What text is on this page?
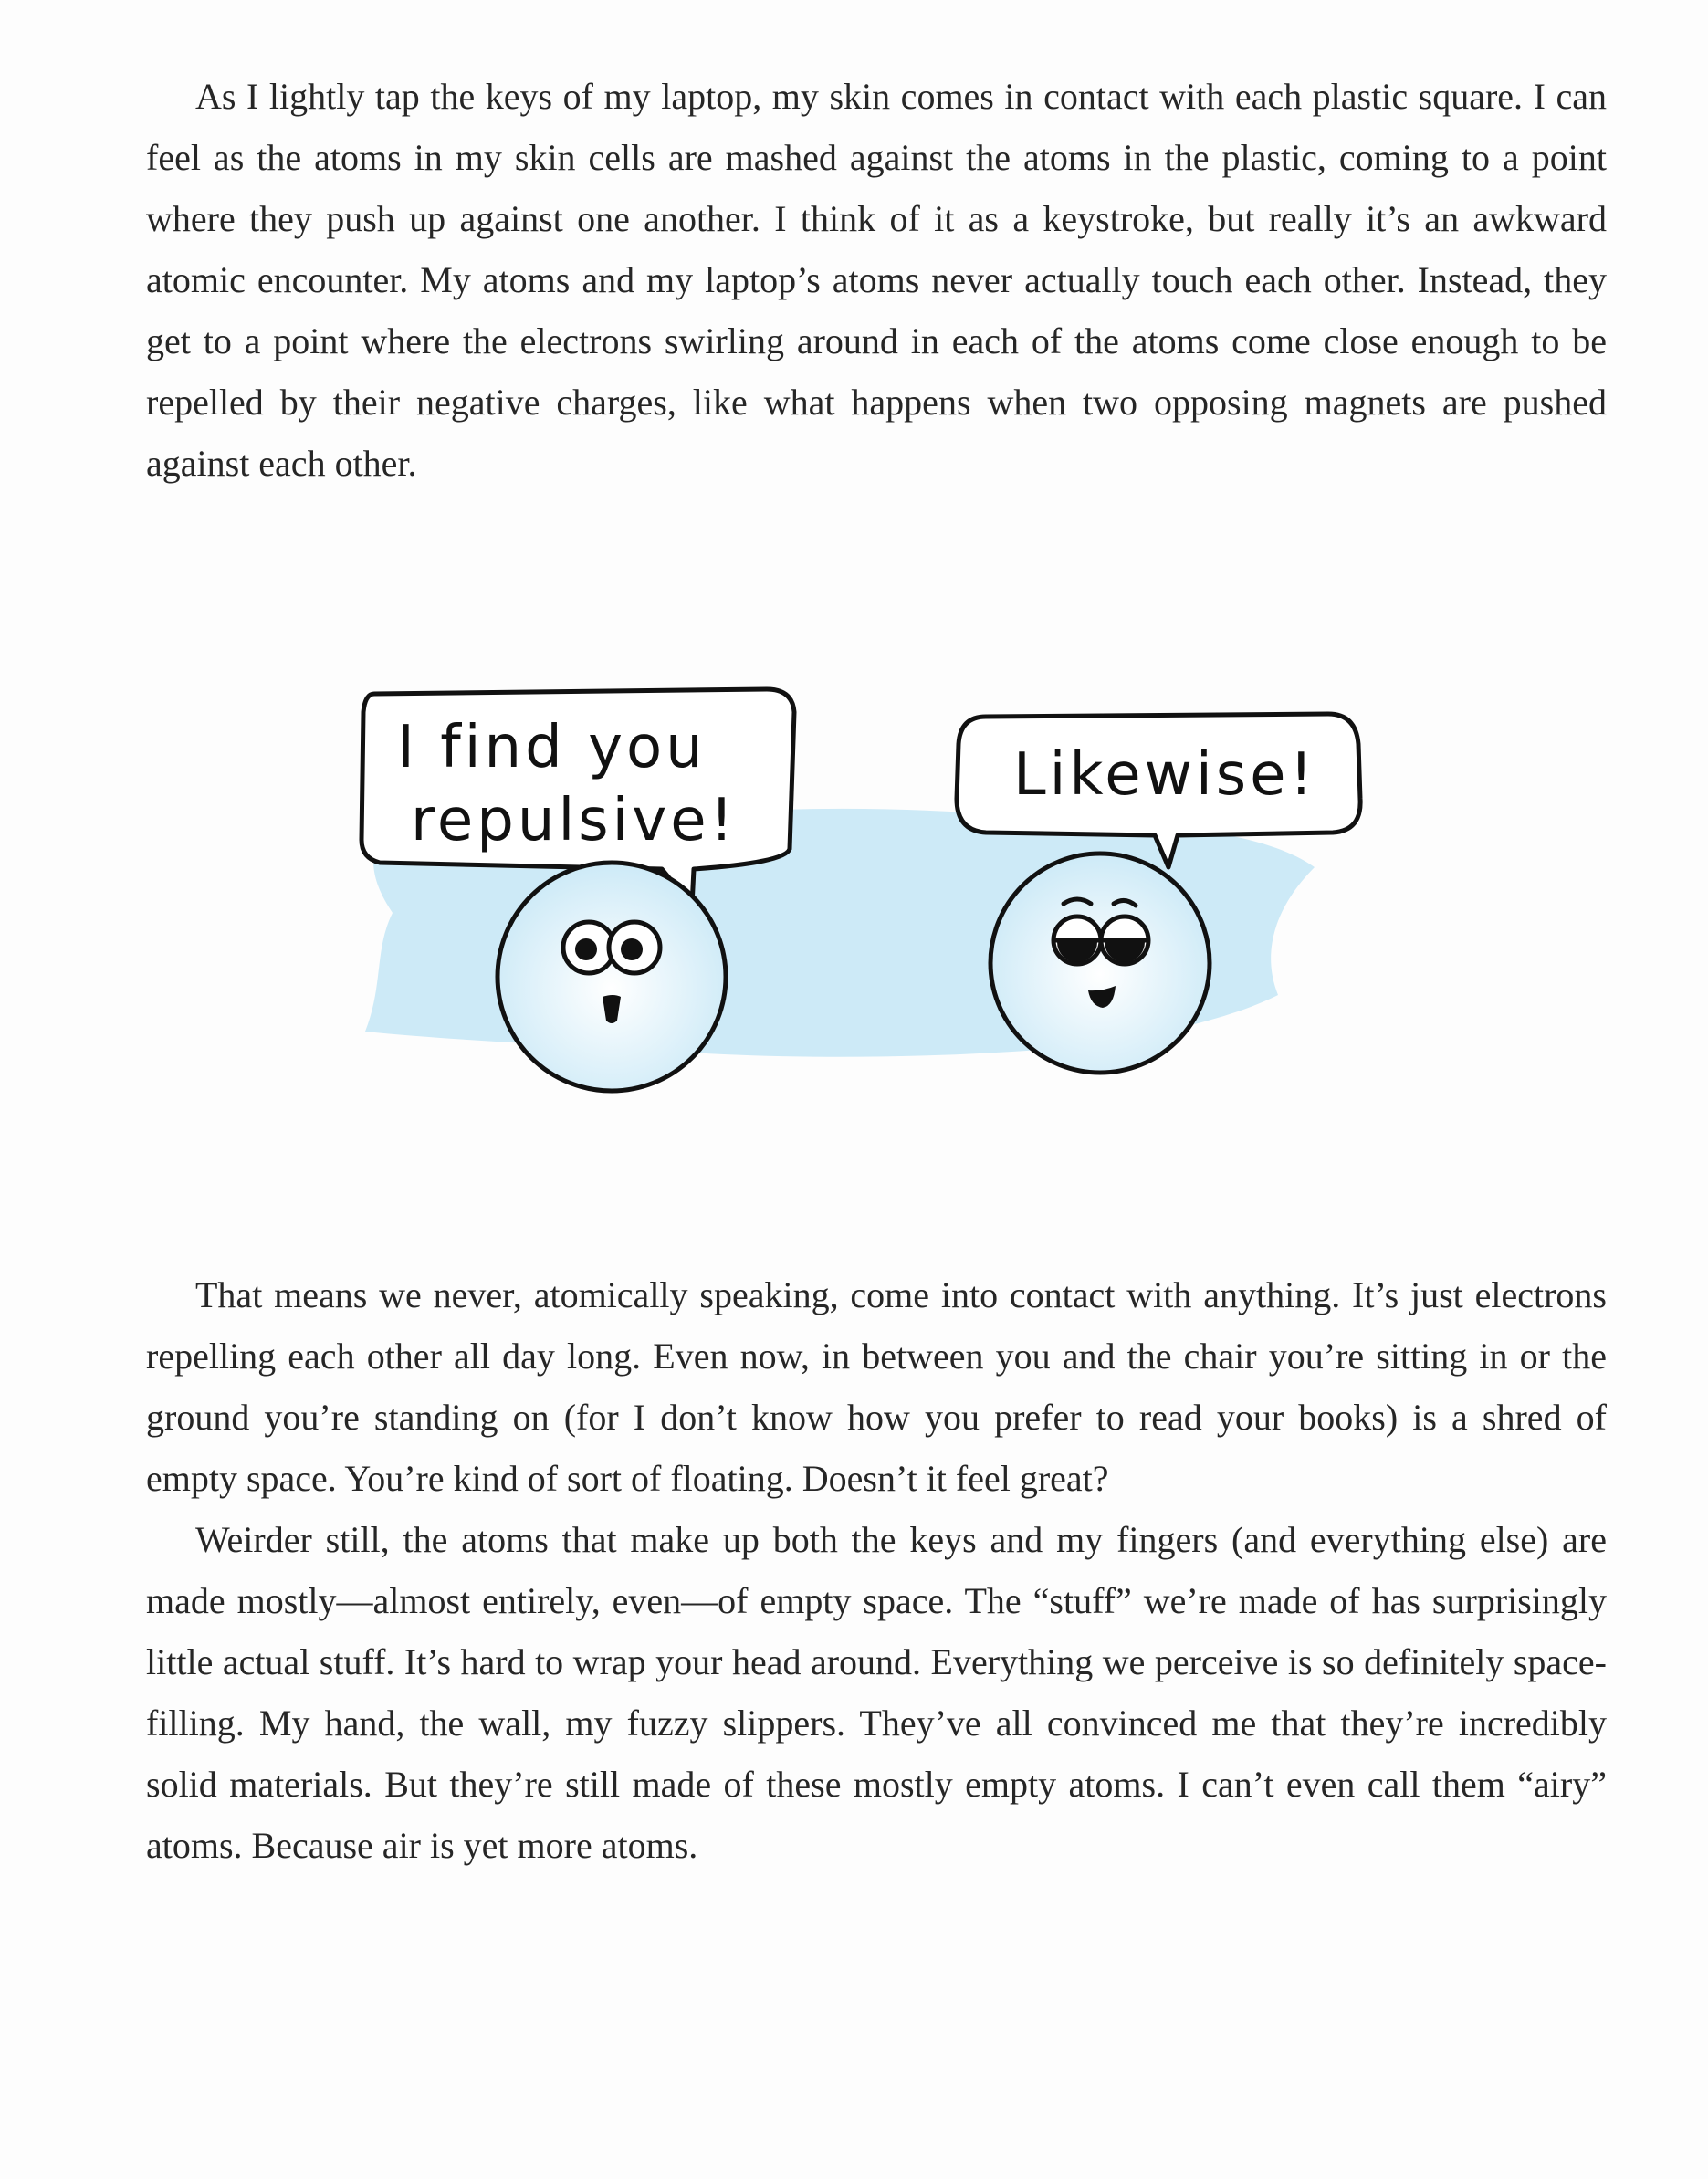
As I lightly tap the keys of my laptop, my skin comes in contact with each plastic square. I can feel as the atoms in my skin cells are mashed against the atoms in the plastic, coming to a point where they push up against one another. I think of it as a keystroke, but really it’s an awkward atomic encounter. My atoms and my laptop’s atoms never actually touch each other. Instead, they get to a point where the electrons swirling around in each of the atoms come close enough to be repelled by their negative charges, like what happens when two opposing magnets are pushed against each other.

I find you
repulsive!
Likewise!

That means we never, atomically speaking, come into contact with anything. It’s just electrons repelling each other all day long. Even now, in between you and the chair you’re sitting in or the ground you’re standing on (for I don’t know how you prefer to read your books) is a shred of empty space. You’re kind of sort of floating. Doesn’t it feel great?

Weirder still, the atoms that make up both the keys and my fingers (and everything else) are made mostly—almost entirely, even—of empty space. The “stuff” we’re made of has surprisingly little actual stuff. It’s hard to wrap your head around. Everything we perceive is so definitely space-filling. My hand, the wall, my fuzzy slippers. They’ve all convinced me that they’re incredibly solid materials. But they’re still made of these mostly empty atoms. I can’t even call them “airy” atoms. Because air is yet more atoms.
